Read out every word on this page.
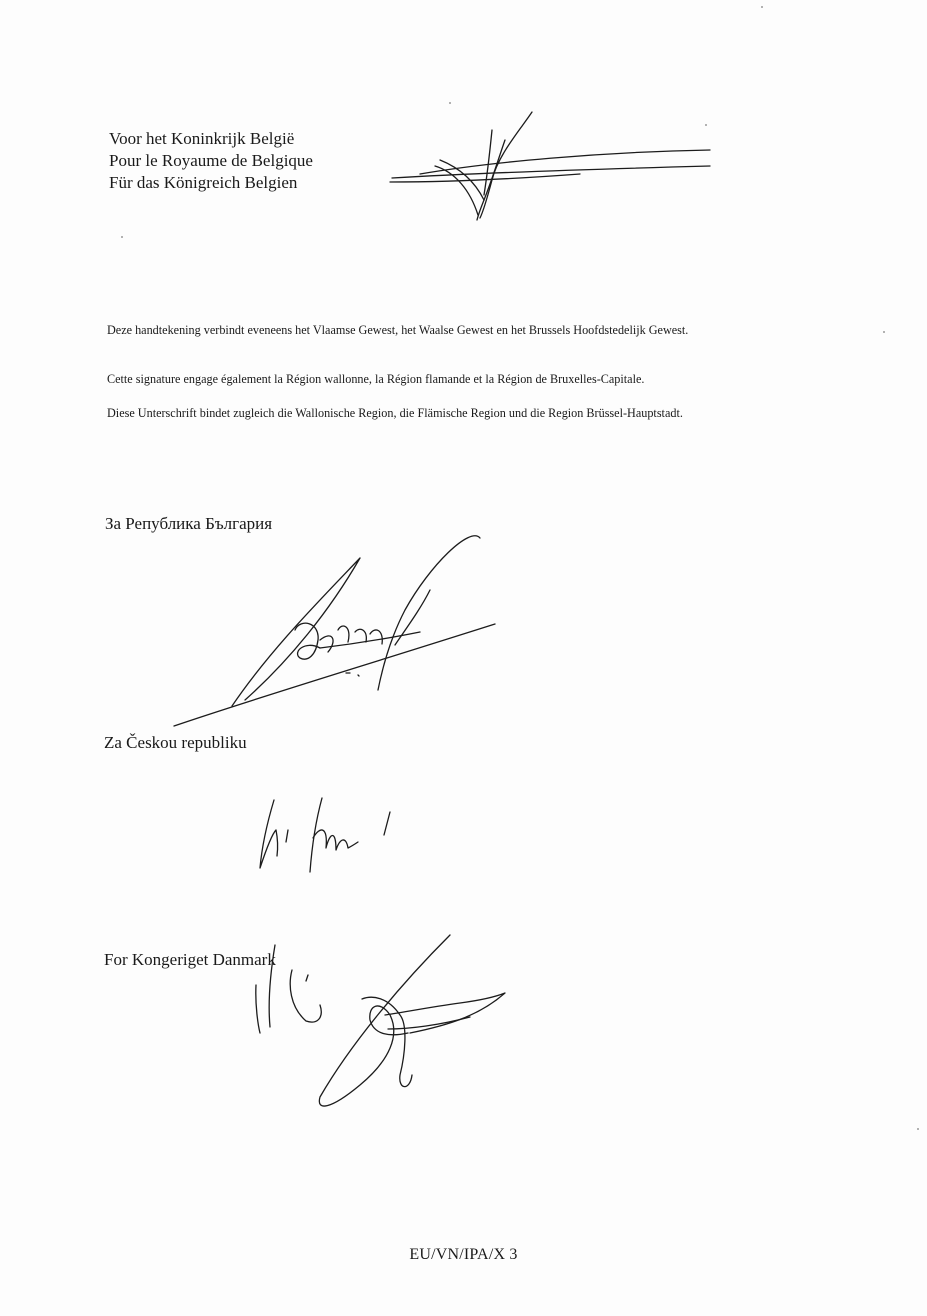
Voor het Koninkrijk België
Pour le Royaume de Belgique
Für das Königreich Belgien
Deze handtekening verbindt eveneens het Vlaamse Gewest, het Waalse Gewest en het Brussels Hoofdstedelijk Gewest.
Cette signature engage également la Région wallonne, la Région flamande et la Région de Bruxelles-Capitale.
Diese Unterschrift bindet zugleich die Wallonische Region, die Flämische Region und die Region Brüssel-Hauptstadt.
За Република България
Za Českou republiku
For Kongeriget Danmark
EU/VN/IPA/X 3
